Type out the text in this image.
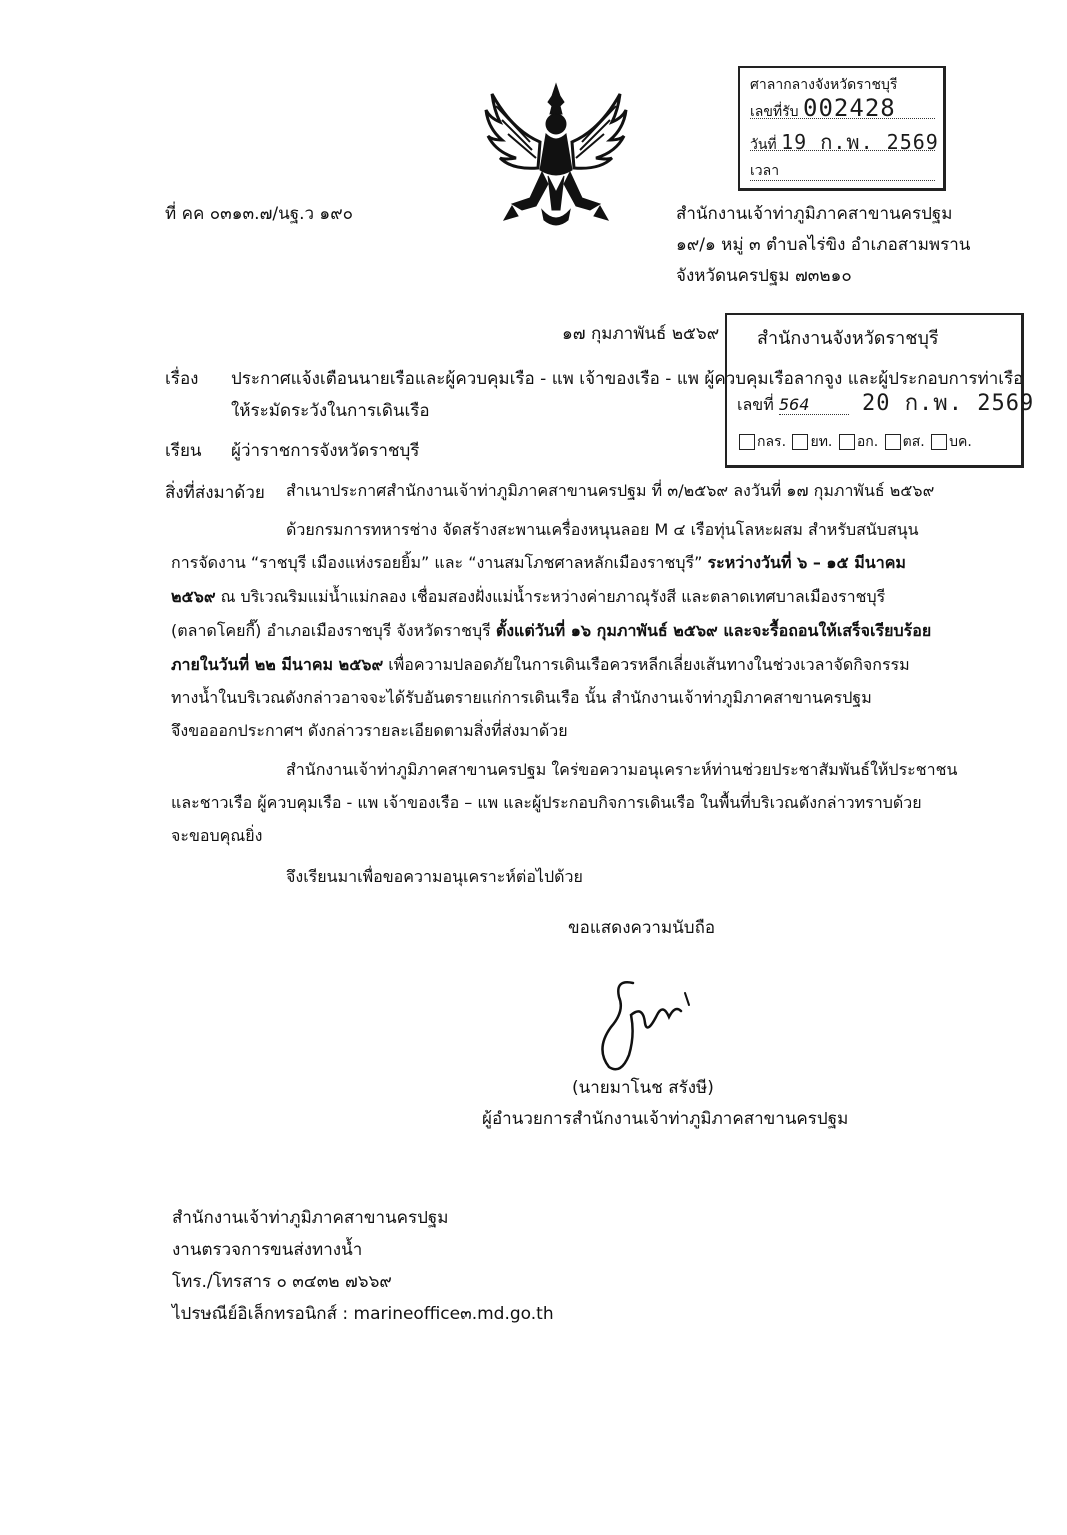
ศาลากลางจังหวัดราชบุรี
เลขที่รับ 002428
วันที่ 19 ก.พ. 2569
เวลา
ที่ คค ๐๓๑๓.๗/นฐ.ว ๑๙๐	สำนักงานเจ้าท่าภูมิภาคสาขานครปฐม
๑๙/๑ หมู่ ๓ ตำบลไร่ขิง อำเภอสามพราน
จังหวัดนครปฐม ๗๓๒๑๐
๑๗ กุมภาพันธ์ ๒๕๖๙
เรื่อง ประกาศแจ้งเตือนนายเรือและผู้ควบคุมเรือ - แพ เจ้าของเรือ - แพ ผู้ควบคุมเรือลากจูง และผู้ประกอบการท่าเรือ
ให้ระมัดระวังในการเดินเรือ
สำนักงานจังหวัดราชบุรี
เลขที่ 564 20 ก.พ. 2569
กลร. ยท. อก. ตส. บค.
เรียน ผู้ว่าราชการจังหวัดราชบุรี
สิ่งที่ส่งมาด้วย สำเนาประกาศสำนักงานเจ้าท่าภูมิภาคสาขานครปฐม ที่ ๓/๒๕๖๙ ลงวันที่ ๑๗ กุมภาพันธ์ ๒๕๖๙
ด้วยกรมการทหารช่าง จัดสร้างสะพานเครื่องหนุนลอย M ๔ เรือทุ่นโลหะผสม สำหรับสนับสนุน
การจัดงาน “ราชบุรี เมืองแห่งรอยยิ้ม” และ “งานสมโภชศาลหลักเมืองราชบุรี” ระหว่างวันที่ ๖ – ๑๕ มีนาคม
๒๕๖๙ ณ บริเวณริมแม่น้ำแม่กลอง เชื่อมสองฝั่งแม่น้ำระหว่างค่ายภาณุรังสี และตลาดเทศบาลเมืองราชบุรี
(ตลาดโคยกี๊) อำเภอเมืองราชบุรี จังหวัดราชบุรี ตั้งแต่วันที่ ๑๖ กุมภาพันธ์ ๒๕๖๙ และจะรื้อถอนให้เสร็จเรียบร้อย
ภายในวันที่ ๒๒ มีนาคม ๒๕๖๙ เพื่อความปลอดภัยในการเดินเรือควรหลีกเลี่ยงเส้นทางในช่วงเวลาจัดกิจกรรม
ทางน้ำในบริเวณดังกล่าวอาจจะได้รับอันตรายแก่การเดินเรือ นั้น สำนักงานเจ้าท่าภูมิภาคสาขานครปฐม
จึงขอออกประกาศฯ ดังกล่าวรายละเอียดตามสิ่งที่ส่งมาด้วย
สำนักงานเจ้าท่าภูมิภาคสาขานครปฐม ใคร่ขอความอนุเคราะห์ท่านช่วยประชาสัมพันธ์ให้ประชาชน
และชาวเรือ ผู้ควบคุมเรือ - แพ เจ้าของเรือ – แพ และผู้ประกอบกิจการเดินเรือ ในพื้นที่บริเวณดังกล่าวทราบด้วย
จะขอบคุณยิ่ง
จึงเรียนมาเพื่อขอความอนุเคราะห์ต่อไปด้วย
ขอแสดงความนับถือ
(นายมาโนช สรังษี)
ผู้อำนวยการสำนักงานเจ้าท่าภูมิภาคสาขานครปฐม
สำนักงานเจ้าท่าภูมิภาคสาขานครปฐม
งานตรวจการขนส่งทางน้ำ
โทร./โทรสาร ๐ ๓๔๓๒ ๗๖๖๙
ไปรษณีย์อิเล็กทรอนิกส์ : marineoffice๓.md.go.th
